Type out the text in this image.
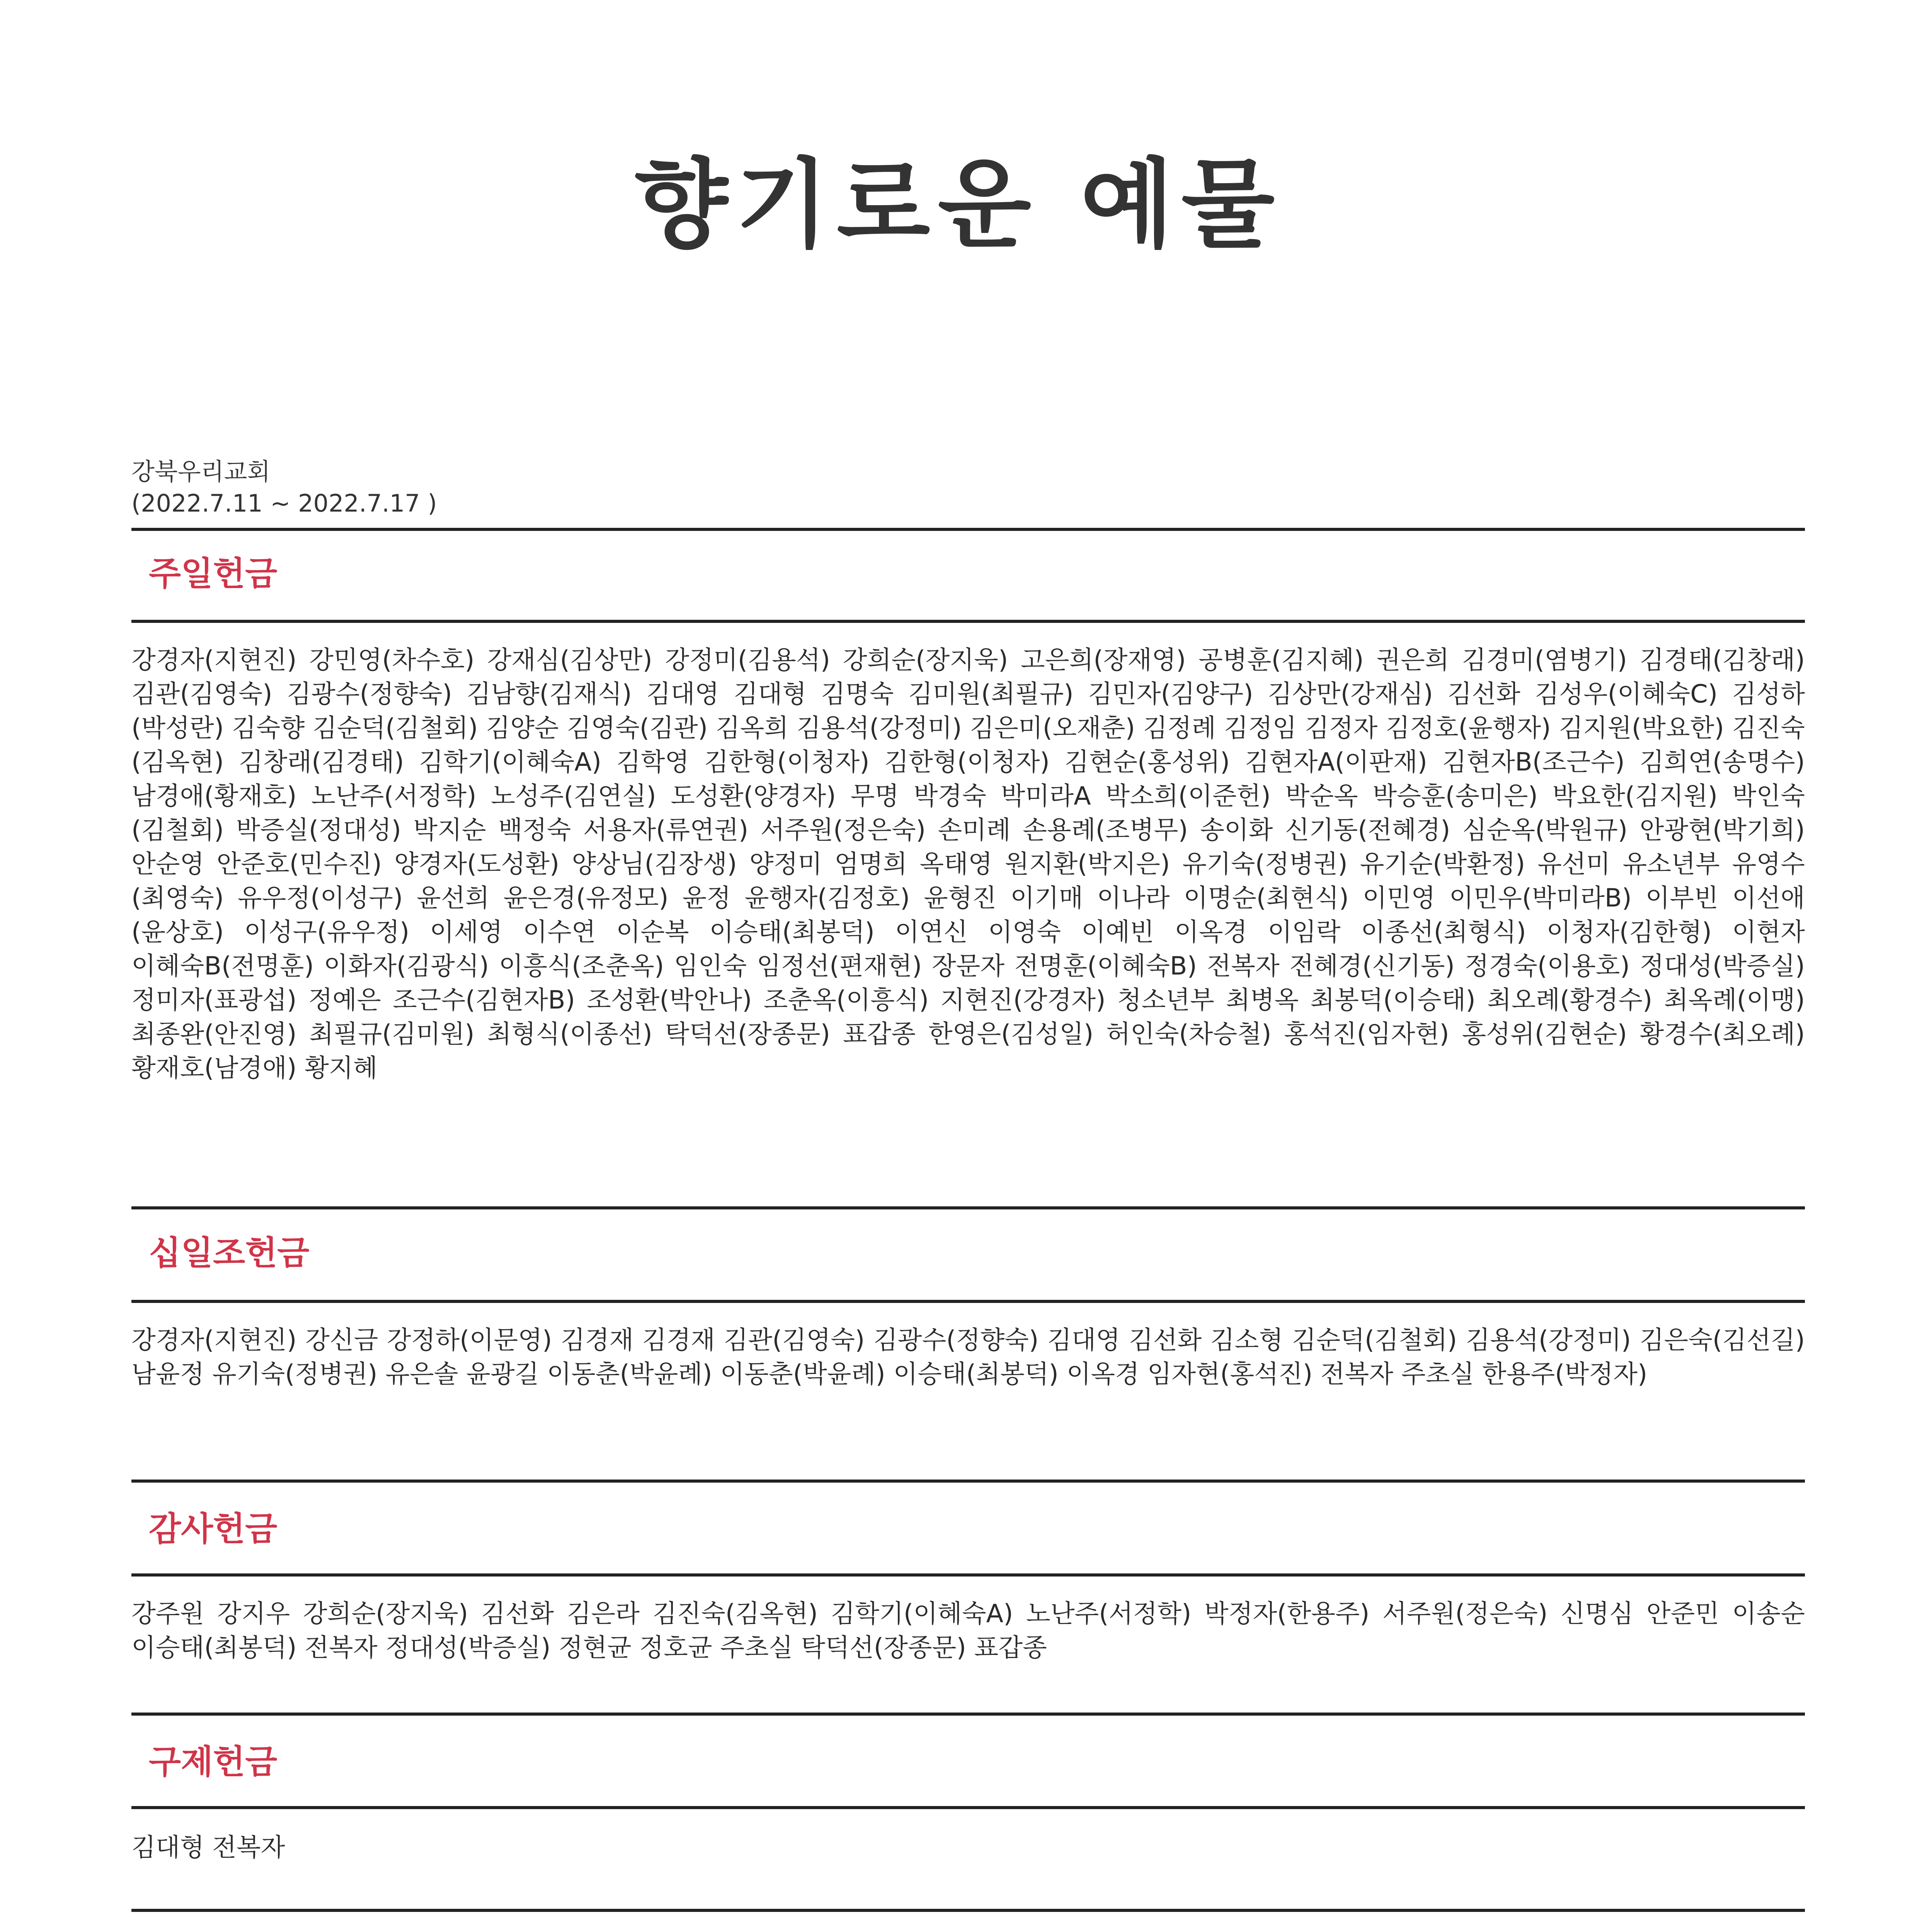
향기로운 예물
강북우리교회
(2022.7.11 ~ 2022.7.17 )
주일헌금
강경자(지현진) 강민영(차수호) 강재심(김상만) 강정미(김용석) 강희순(장지욱) 고은희(장재영) 공병훈(김지혜) 권은희 김경미(염병기) 김경태(김창래) 김관(김영숙) 김광수(정향숙) 김남향(김재식) 김대영 김대형 김명숙 김미원(최필규) 김민자(김양구) 김상만(강재심) 김선화 김성우(이혜숙C) 김성하(박성란) 김숙향 김순덕(김철회) 김양순 김영숙(김관) 김옥희 김용석(강정미) 김은미(오재춘) 김정례 김정임 김정자 김정호(윤행자) 김지원(박요한) 김진숙(김옥현) 김창래(김경태) 김학기(이혜숙A) 김학영 김한형(이청자) 김한형(이청자) 김현순(홍성위) 김현자A(이판재) 김현자B(조근수) 김희연(송명수) 남경애(황재호) 노난주(서정학) 노성주(김연실) 도성환(양경자) 무명 박경숙 박미라A 박소희(이준헌) 박순옥 박승훈(송미은) 박요한(김지원) 박인숙(김철회) 박증실(정대성) 박지순 백정숙 서용자(류연권) 서주원(정은숙) 손미례 손용례(조병무) 송이화 신기동(전혜경) 심순옥(박원규) 안광현(박기희) 안순영 안준호(민수진) 양경자(도성환) 양상님(김장생) 양정미 엄명희 옥태영 원지환(박지은) 유기숙(정병권) 유기순(박환정) 유선미 유소년부 유영수(최영숙) 유우정(이성구) 윤선희 윤은경(유정모) 윤정 윤행자(김정호) 윤형진 이기매 이나라 이명순(최현식) 이민영 이민우(박미라B) 이부빈 이선애(윤상호) 이성구(유우정) 이세영 이수연 이순복 이승태(최봉덕) 이연신 이영숙 이예빈 이옥경 이임락 이종선(최형식) 이청자(김한형) 이현자 이혜숙B(전명훈) 이화자(김광식) 이흥식(조춘옥) 임인숙 임정선(편재현) 장문자 전명훈(이혜숙B) 전복자 전혜경(신기동) 정경숙(이용호) 정대성(박증실) 정미자(표광섭) 정예은 조근수(김현자B) 조성환(박안나) 조춘옥(이흥식) 지현진(강경자) 청소년부 최병옥 최봉덕(이승태) 최오례(황경수) 최옥례(이맹) 최종완(안진영) 최필규(김미원) 최형식(이종선) 탁덕선(장종문) 표갑종 한영은(김성일) 허인숙(차승철) 홍석진(임자현) 홍성위(김현순) 황경수(최오례) 황재호(남경애) 황지혜
십일조헌금
강경자(지현진) 강신금 강정하(이문영) 김경재 김경재 김관(김영숙) 김광수(정향숙) 김대영 김선화 김소형 김순덕(김철회) 김용석(강정미) 김은숙(김선길) 남윤정 유기숙(정병권) 유은솔 윤광길 이동춘(박윤례) 이동춘(박윤례) 이승태(최봉덕) 이옥경 임자현(홍석진) 전복자 주초실 한용주(박정자)
감사헌금
강주원 강지우 강희순(장지욱) 김선화 김은라 김진숙(김옥현) 김학기(이혜숙A) 노난주(서정학) 박정자(한용주) 서주원(정은숙) 신명심 안준민 이송순 이승태(최봉덕) 전복자 정대성(박증실) 정현균 정호균 주초실 탁덕선(장종문) 표갑종
구제헌금
김대형 전복자
